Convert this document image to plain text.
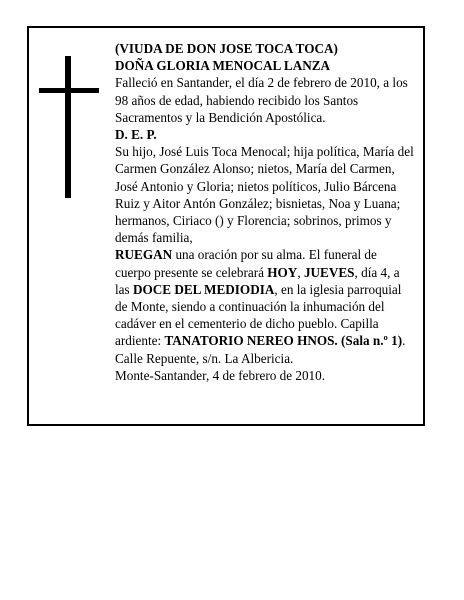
(VIUDA DE DON JOSE TOCA TOCA)

DOÑA GLORIA MENOCAL LANZA

Falleció en Santander, el día 2 de febrero de 2010, a los 98 años de edad, habiendo recibido los Santos Sacramentos y la Bendición Apostólica.

D. E. P.

Su hijo, José Luis Toca Menocal; hija política, María del Carmen González Alonso; nietos, María del Carmen, José Antonio y Gloria; nietos políticos, Julio Bárcena Ruiz y Aitor Antón González; bisnietas, Noa y Luana; hermanos, Ciriaco () y Florencia; sobrinos, primos y demás familia,

RUEGAN una oración por su alma. El funeral de cuerpo presente se celebrará HOY, JUEVES, día 4, a las DOCE DEL MEDIODIA, en la iglesia parroquial de Monte, siendo a continuación la inhumación del cadáver en el cementerio de dicho pueblo. Capilla ardiente: TANATORIO NEREO HNOS. (Sala n.º 1).

Calle Repuente, s/n. La Albericia.

Monte-Santander, 4 de febrero de 2010.
